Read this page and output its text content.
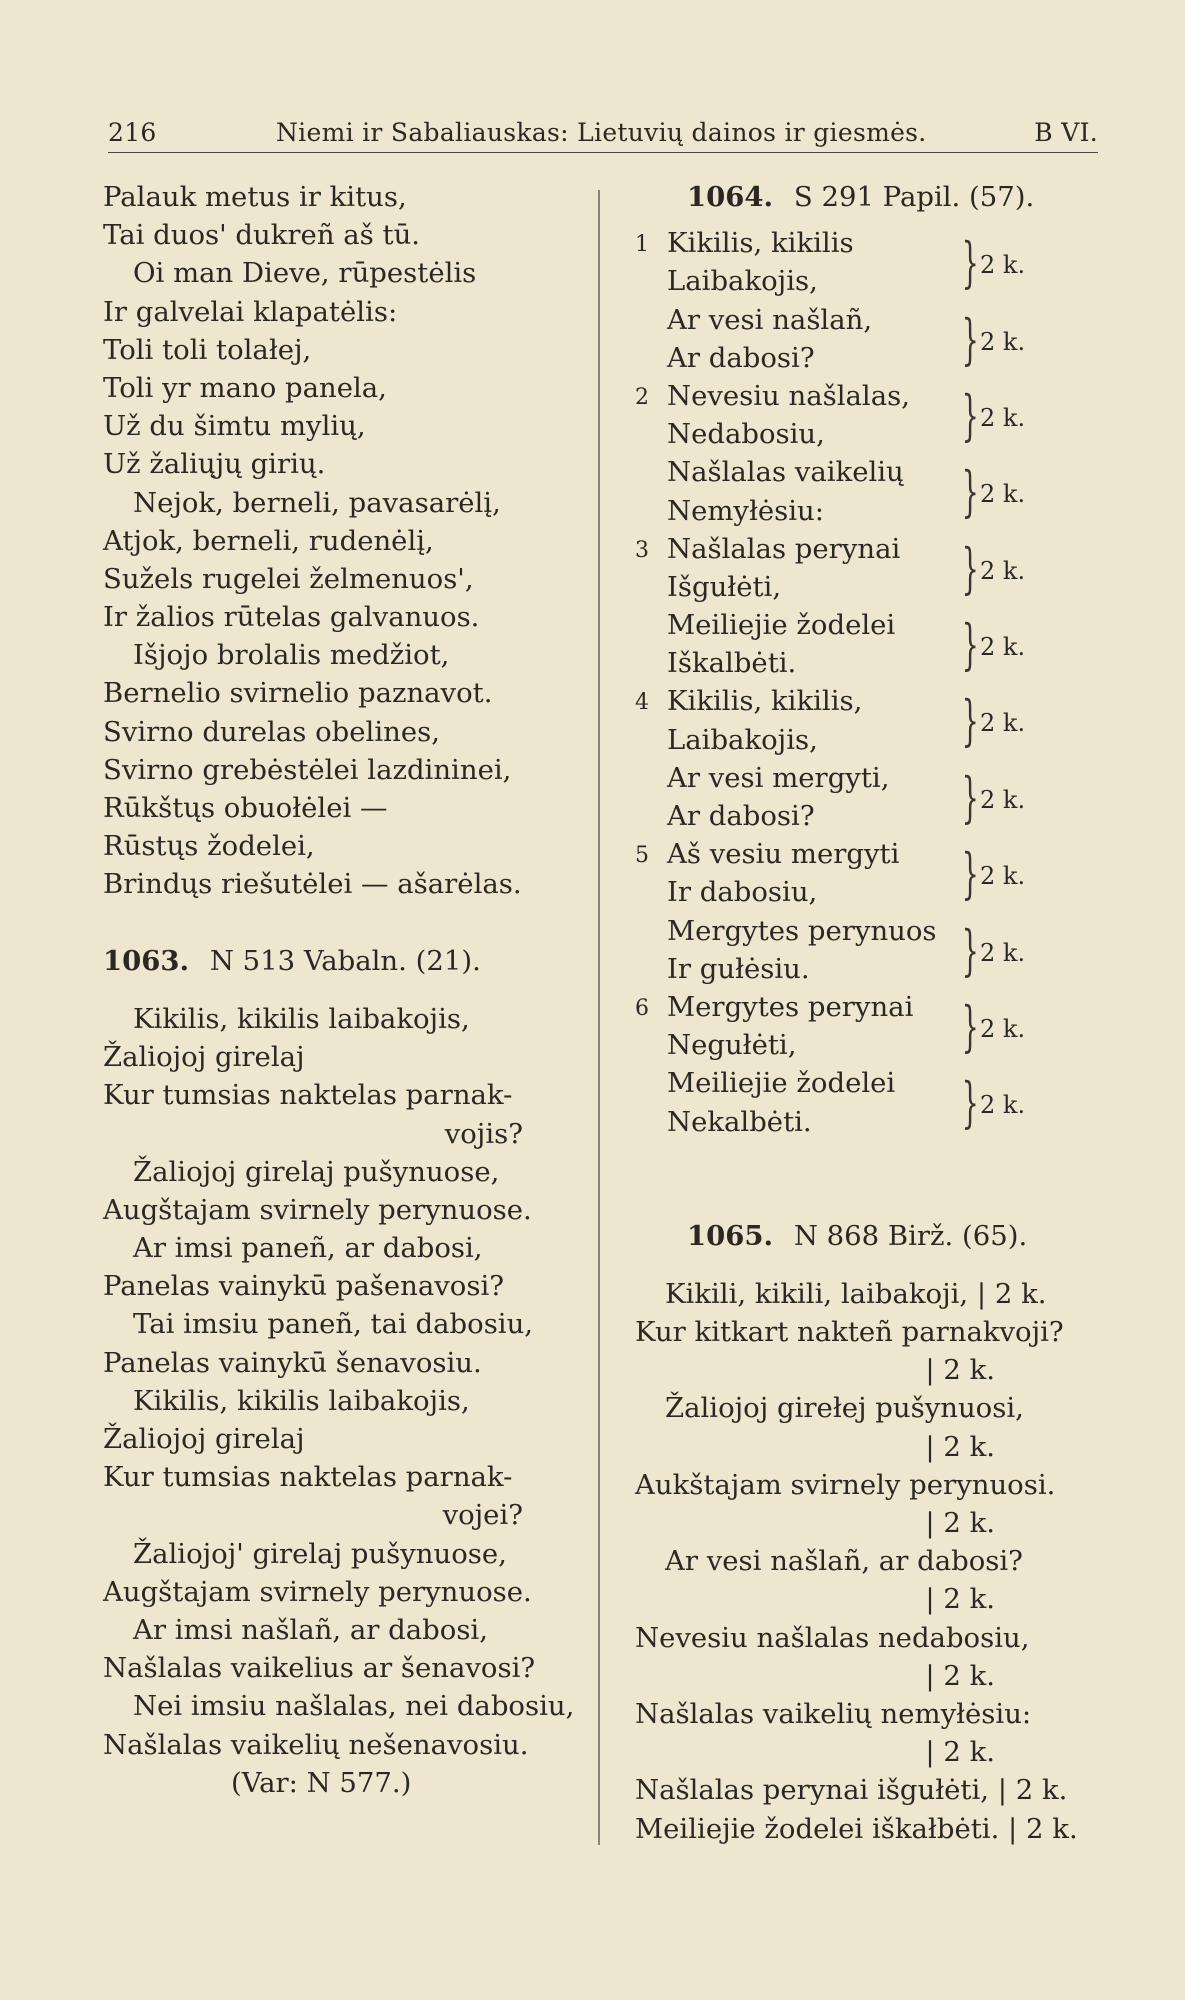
216	Niemi ir Sabaliauskas: Lietuvių dainos ir giesmės.	B VI.
Palauk metus ir kitus,
Tai duos' dukreñ aš tū.
Oi man Dieve, rūpestėlis
Ir galvelai klapatėlis:
Toli toli tolałej,
Toli yr mano panela,
Už du šimtu mylių,
Už žaliųjų girių.
Nejok, berneli, pavasarėlį,
Atjok, berneli, rudenėlį,
Sužels rugelei želmenuos',
Ir žalios rūtelas galvanuos.
Išjojo brolalis medžiot,
Bernelio svirnelio paznavot.
Svirno durelas obelines,
Svirno grebėstėlei lazdininei,
Rūkštųs obuołėlei —
Rūstųs žodelei,
Brindųs riešutėlei — ašarėlas.
1063. N 513 Vabaln. (21).
Kikilis, kikilis laibakojis,
Žaliojoj girelaj
Kur tumsias naktelas parnak-
vojis?
Žaliojoj girelaj pušynuose,
Augštajam svirnely perynuose.
Ar imsi paneñ, ar dabosi,
Panelas vainykū pašenavosi?
Tai imsiu paneñ, tai dabosiu,
Panelas vainykū šenavosiu.
Kikilis, kikilis laibakojis,
Žaliojoj girelaj
Kur tumsias naktelas parnak-
vojei?
Žaliojoj' girelaj pušynuose,
Augštajam svirnely perynuose.
Ar imsi našlañ, ar dabosi,
Našlalas vaikelius ar šenavosi?
Nei imsiu našlalas, nei dabosiu,
Našlalas vaikelių nešenavosiu.
(Var: N 577.)
1064. S 291 Papil. (57).
1 Kikilis, kikilis
Laibakojis,	} 2 k.
Ar vesi našlañ,
Ar dabosi?	} 2 k.
2 Nevesiu našlalas,
Nedabosiu,	} 2 k.
Našlalas vaikelių
Nemyłėsiu:	} 2 k.
3 Našlalas perynai
Išgułėti,	} 2 k.
Meiliejie žodelei
Iškalbėti.	} 2 k.
4 Kikilis, kikilis,
Laibakojis,	} 2 k.
Ar vesi mergyti,
Ar dabosi?	} 2 k.
5 Aš vesiu mergyti
Ir dabosiu,	} 2 k.
Mergytes perynuos
Ir gułėsiu.	} 2 k.
6 Mergytes perynai
Negułėti,	} 2 k.
Meiliejie žodelei
Nekalbėti.	} 2 k.
1065. N 868 Birž. (65).
Kikili, kikili, laibakoji, | 2 k.
Kur kitkart nakteñ parnakvoji?
| 2 k.
Žaliojoj girełej pušynuosi,
| 2 k.
Aukštajam svirnely perynuosi.
| 2 k.
Ar vesi našlañ, ar dabosi?
| 2 k.
Nevesiu našlalas nedabosiu,
| 2 k.
Našlalas vaikelių nemyłėsiu:
| 2 k.
Našlalas perynai išgułėti, | 2 k.
Meiliejie žodelei iškałbėti. | 2 k.
